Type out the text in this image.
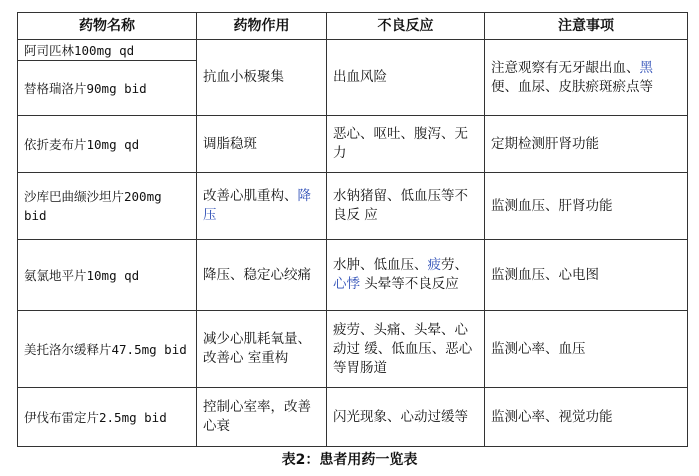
药物名称	药物作用	不良反应	注意事项
阿司匹林100mg qd	抗血小板聚集	出血风险	注意观察有无牙龈出血、黑 便、血尿、皮肤瘀斑瘀点等
替格瑞洛片90mg bid			
依折麦布片10mg qd	调脂稳斑	恶心、呕吐、腹泻、无力	定期检测肝肾功能
沙库巴曲缬沙坦片200mg bid	改善心肌重构、降压	水钠猪留、低血压等不良反 应	监测血压、肝肾功能
氨氯地平片10mg qd	降压、稳定心绞痛	水肿、低血压、疲劳、心悸 头晕等不良反应	监测血压、心电图
美托洛尔缓释片47.5mg bid	减少心肌耗氧量、改善心 室重构	疲劳、头痛、头晕、心动过 缓、低血压、恶心等胃肠道	监测心率、血压
伊伐布雷定片2.5mg bid	控制心室率，改善心衰	闪光现象、心动过缓等	监测心率、视觉功能
表2：患者用药一览表
